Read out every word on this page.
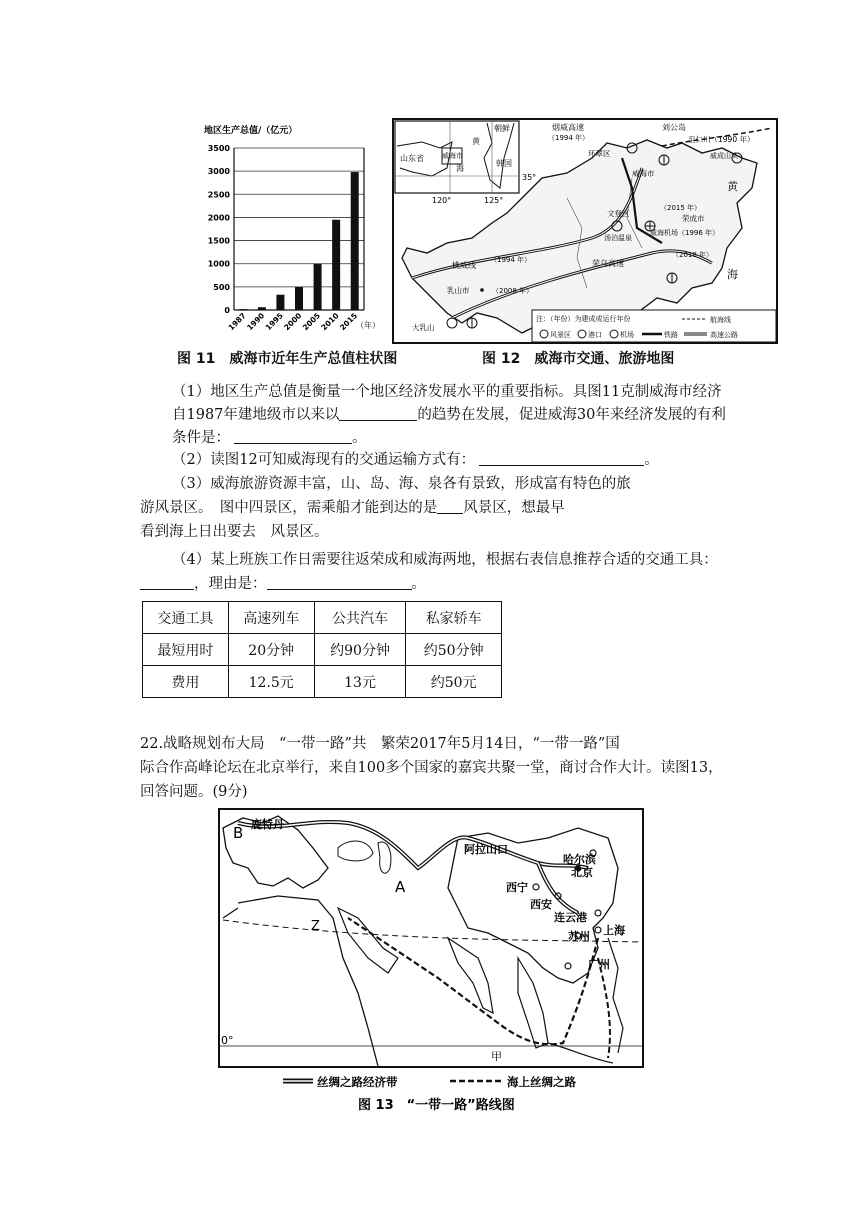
地区生产总值/（亿元）
（年）
0
500
1000
1500
2000
2500
3000
3500
1987
1990
1995
2000
2005
2010
2015
图 11　威海市近年生产总值柱状图
山东省	威海市
黄
海
朝鲜
韩国
120°	125°
35°
烟威高速
（1994 年）
刘公岛
至仁川（1990 年）
环翠区
威海市
威成山头
黄
海
文登区
汤泊温泉
（2015 年）
荣成市
威海机场（1996 年）
（2018 年）
桃威线
（1994 年）	荣乌高速
乳山市	（2008 年）
大乳山
注：（年份）为建成或运行年份	航海线
风景区 港口	机场	铁路	高速公路
图 12　威海市交通、旅游地图
（1）地区生产总值是衡量一个地区经济发展水平的重要指标。具图11克制威海市经济
自1987年建地级市以来以	的趋势在发展，促进威海30年来经济发展的有利
条件是：	。
（2）读图12可知威海现有的交通运输方式有：	。
（3）威海旅游资源丰富，山、岛、海、泉各有景致，形成富有特色的旅
游风景区。　图中四景区，需乘船才能到达的是 风景区，想最早
看到海上日出要去　风景区。
（4）某上班族工作日需要往返荣成和威海两地，根据右表信息推荐合适的交通工具：
，理由是：	。
交通工具	高速列车	公共汽车	私家轿车
最短用时	20分钟	约90分钟	约50分钟
费用	12.5元	13元	约50元
22.战略规划布大局　“一带一路”共　繁荣2017年5月14日，“一带一路”国
际合作高峰论坛在北京举行，来自100多个国家的嘉宾共聚一堂，商讨合作大计。读图13，
回答问题。(9分)
B 鹿特丹
A
Z
阿拉山口
哈尔滨
北京
西宁
西安
连云港
苏州 上海
广州
0°
甲
丝绸之路经济带	海上丝绸之路
图 13　“一带一路”路线图
